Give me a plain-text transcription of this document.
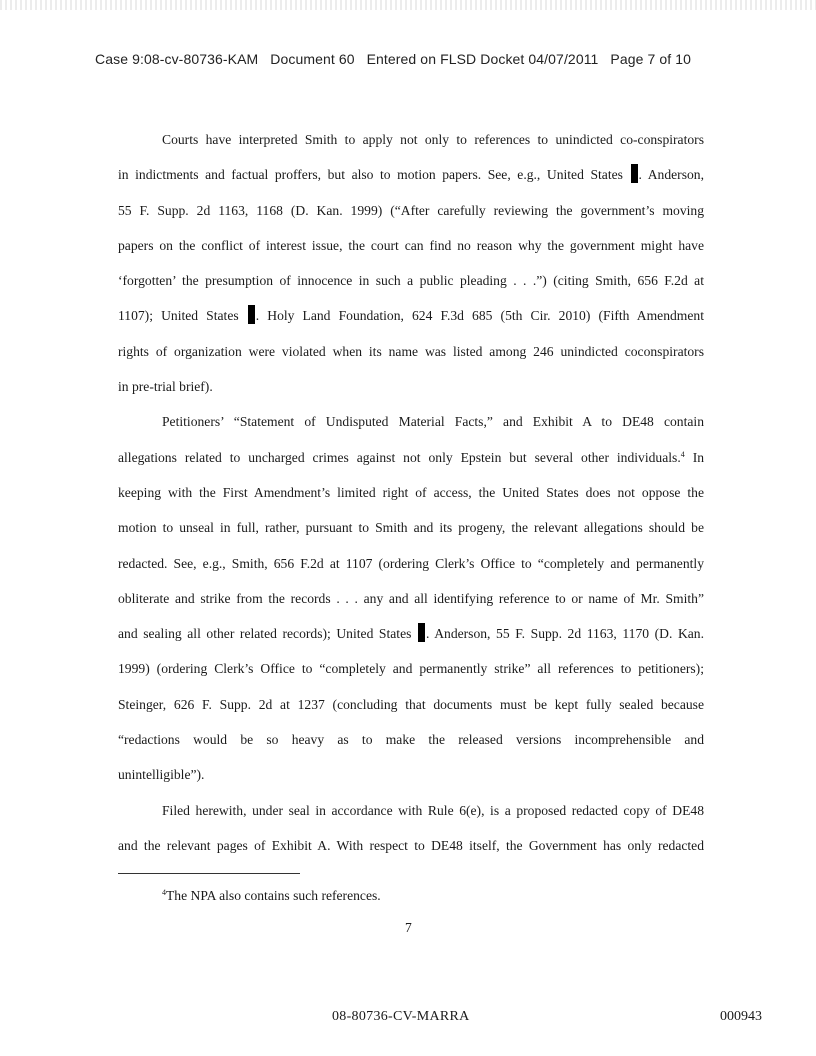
Case 9:08-cv-80736-KAM   Document 60   Entered on FLSD Docket 04/07/2011   Page 7 of 10
Courts have interpreted Smith to apply not only to references to unindicted co-conspirators
in indictments and factual proffers, but also to motion papers. See, e.g., United States . Anderson,
55 F. Supp. 2d 1163, 1168 (D. Kan. 1999) (“After carefully reviewing the government’s moving
papers on the conflict of interest issue, the court can find no reason why the government might have
‘forgotten’ the presumption of innocence in such a public pleading . . .”) (citing Smith, 656 F.2d at
1107); United States . Holy Land Foundation, 624 F.3d 685 (5th Cir. 2010) (Fifth Amendment
rights of organization were violated when its name was listed among 246 unindicted coconspirators
in pre-trial brief).
Petitioners’ “Statement of Undisputed Material Facts,” and Exhibit A to DE48 contain
allegations related to uncharged crimes against not only Epstein but several other individuals.$^4$ In
keeping with the First Amendment’s limited right of access, the United States does not oppose the
motion to unseal in full, rather, pursuant to Smith and its progeny, the relevant allegations should be
redacted. See, e.g., Smith, 656 F.2d at 1107 (ordering Clerk’s Office to “completely and permanently
obliterate and strike from the records . . . any and all identifying reference to or name of Mr. Smith”
and sealing all other related records); United States . Anderson, 55 F. Supp. 2d 1163, 1170 (D. Kan.
1999) (ordering Clerk’s Office to “completely and permanently strike” all references to petitioners);
Steinger, 626 F. Supp. 2d at 1237 (concluding that documents must be kept fully sealed because
“redactions would be so heavy as to make the released versions incomprehensible and
unintelligible”).
Filed herewith, under seal in accordance with Rule 6(e), is a proposed redacted copy of DE48
and the relevant pages of Exhibit A. With respect to DE48 itself, the Government has only redacted
$^4$The NPA also contains such references.
7
08-80736-CV-MARRA	000943
